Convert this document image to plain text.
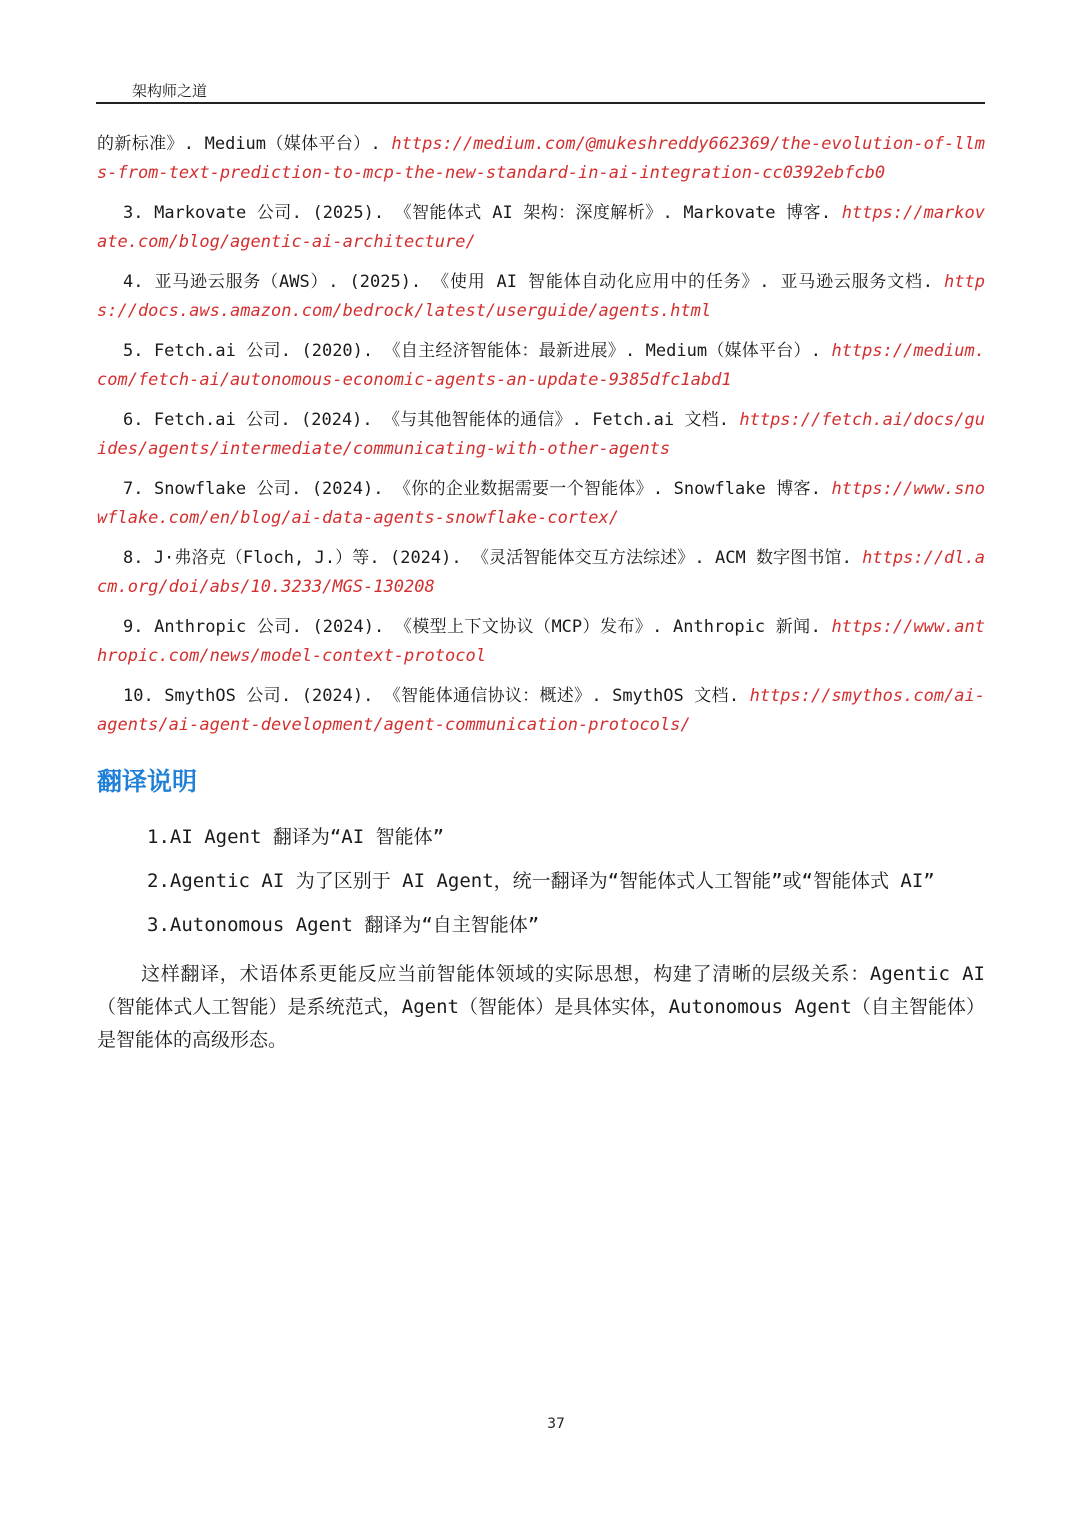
架构师之道

的新标准》. Medium（媒体平台）. https://medium.com/@mukeshreddy662369/the-evolution-of-llms-from-text-prediction-to-mcp-the-new-standard-in-ai-integration-cc0392ebfcb0

3. Markovate 公司. (2025). 《智能体式 AI 架构：深度解析》. Markovate 博客. https://markovate.com/blog/agentic-ai-architecture/

4. 亚马逊云服务（AWS）. (2025). 《使用 AI 智能体自动化应用中的任务》. 亚马逊云服务文档. https://docs.aws.amazon.com/bedrock/latest/userguide/agents.html

5. Fetch.ai 公司. (2020). 《自主经济智能体：最新进展》. Medium（媒体平台）. https://medium.com/fetch-ai/autonomous-economic-agents-an-update-9385dfc1abd1

6. Fetch.ai 公司. (2024). 《与其他智能体的通信》. Fetch.ai 文档. https://fetch.ai/docs/guides/agents/intermediate/communicating-with-other-agents

7. Snowflake 公司. (2024). 《你的企业数据需要一个智能体》. Snowflake 博客. https://www.snowflake.com/en/blog/ai-data-agents-snowflake-cortex/

8. J·弗洛克（Floch, J.）等. (2024). 《灵活智能体交互方法综述》. ACM 数字图书馆. https://dl.acm.org/doi/abs/10.3233/MGS-130208

9. Anthropic 公司. (2024). 《模型上下文协议（MCP）发布》. Anthropic 新闻. https://www.anthropic.com/news/model-context-protocol

10. SmythOS 公司. (2024). 《智能体通信协议：概述》. SmythOS 文档. https://smythos.com/ai-agents/ai-agent-development/agent-communication-protocols/

翻译说明

1.AI Agent 翻译为“AI 智能体”

2.Agentic AI 为了区别于 AI Agent，统一翻译为“智能体式人工智能”或“智能体式 AI”

3.Autonomous Agent 翻译为“自主智能体”

这样翻译，术语体系更能反应当前智能体领域的实际思想，构建了清晰的层级关系：Agentic AI（智能体式人工智能）是系统范式，Agent（智能体）是具体实体，Autonomous Agent（自主智能体）是智能体的高级形态。

37
